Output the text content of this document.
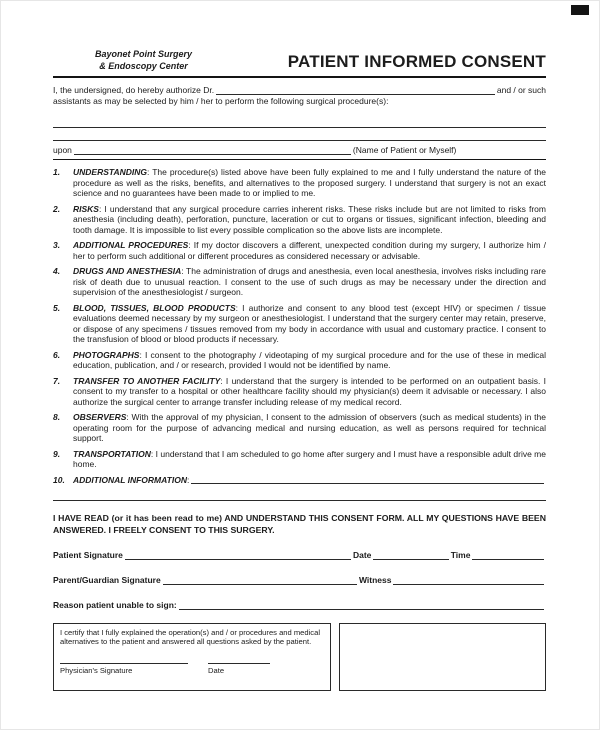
Bayonet Point Surgery
& Endoscopy Center	PATIENT INFORMED CONSENT
I, the undersigned, do hereby authorize Dr.	and / or such
assistants as may be selected by him / her to perform the following surgical procedure(s):
upon	(Name of Patient or Myself)
1.	UNDERSTANDING: The procedure(s) listed above have been fully explained to me and I fully understand the nature of the procedure as well as the risks, benefits, and alternatives to the proposed surgery. I understand that surgery is not an exact science and no guarantees have been made to or implied to me.
2.	RISKS: I understand that any surgical procedure carries inherent risks. These risks include but are not limited to risks from anesthesia (including death), perforation, puncture, laceration or cut to organs or tissues, significant infection, bleeding and tooth damage. It is impossible to list every possible complication so the above lists are incomplete.
3.	ADDITIONAL PROCEDURES: If my doctor discovers a different, unexpected condition during my surgery, I authorize him / her to perform such additional or different procedures as considered necessary or advisable.
4.	DRUGS AND ANESTHESIA: The administration of drugs and anesthesia, even local anesthesia, involves risks including rare risk of death due to unusual reaction. I consent to the use of such drugs as may be necessary under the direction and supervision of the anesthesiologist / surgeon.
5.	BLOOD, TISSUES, BLOOD PRODUCTS: I authorize and consent to any blood test (except HIV) or specimen / tissue evaluations deemed necessary by my surgeon or anesthesiologist. I understand that the surgery center may retain, preserve, or dispose of any specimens / tissues removed from my body in accordance with usual and customary practice. I consent to the transfusion of blood or blood products if necessary.
6.	PHOTOGRAPHS: I consent to the photography / videotaping of my surgical procedure and for the use of these in medical education, publication, and / or research, provided I would not be identified by name.
7.	TRANSFER TO ANOTHER FACILITY: I understand that the surgery is intended to be performed on an outpatient basis. I consent to my transfer to a hospital or other healthcare facility should my physician(s) deem it advisable or necessary. I also authorize the surgical center to arrange transfer including release of my medical record.
8.	OBSERVERS: With the approval of my physician, I consent to the admission of observers (such as medical students) in the operating room for the purpose of advancing medical and nursing education, as well as persons required for technical support.
9.	TRANSPORTATION: I understand that I am scheduled to go home after surgery and I must have a responsible adult drive me home.
10. ADDITIONAL INFORMATION :
I HAVE READ (or it has been read to me) AND UNDERSTAND THIS CONSENT FORM. ALL MY QUESTIONS HAVE BEEN ANSWERED. I FREELY CONSENT TO THIS SURGERY.
Patient Signature	Date	Time
Parent/Guardian Signature	Witness
Reason patient unable to sign:
I certify that I fully explained the operation(s) and / or procedures and medical alternatives to the patient and answered all questions asked by the patient.
Physician's Signature	Date
